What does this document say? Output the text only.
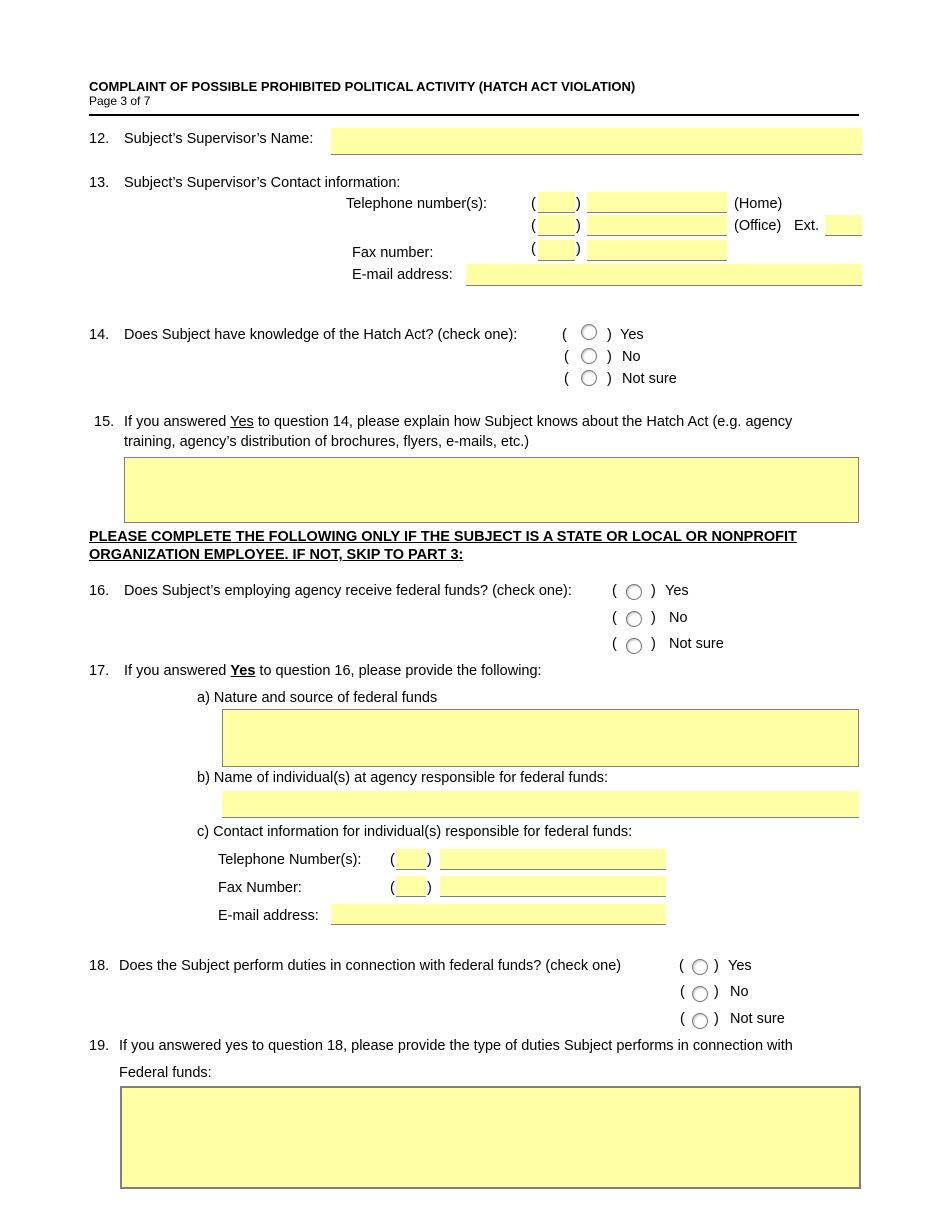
COMPLAINT OF POSSIBLE PROHIBITED POLITICAL ACTIVITY (HATCH ACT VIOLATION)
Page 3 of 7
12. Subject’s Supervisor’s Name:
13. Subject’s Supervisor’s Contact information:
Telephone number(s):	(	)	(Home)
(	)	(Office) Ext.
Fax number:	(	)
E-mail address:
14. Does Subject have knowledge of the Hatch Act? (check one):	(	) Yes
(	) No
(	) Not sure
15. If you answered Yes to question 14, please explain how Subject knows about the Hatch Act (e.g. agency
training, agency’s distribution of brochures, flyers, e-mails, etc.)
PLEASE COMPLETE THE FOLLOWING ONLY IF THE SUBJECT IS A STATE OR LOCAL OR NONPROFIT
ORGANIZATION EMPLOYEE. IF NOT, SKIP TO PART 3:
16. Does Subject’s employing agency receive federal funds? (check one):	( ) Yes
( ) No
( ) Not sure
17. If you answered Yes to question 16, please provide the following:
a) Nature and source of federal funds
b) Name of individual(s) at agency responsible for federal funds:
c) Contact information for individual(s) responsible for federal funds:
Telephone Number(s): ( )
Fax Number:	( )
E-mail address:
18. Does the Subject perform duties in connection with federal funds? (check one)	( ) Yes
( ) No
( ) Not sure
19. If you answered yes to question 18, please provide the type of duties Subject performs in connection with
Federal funds:
